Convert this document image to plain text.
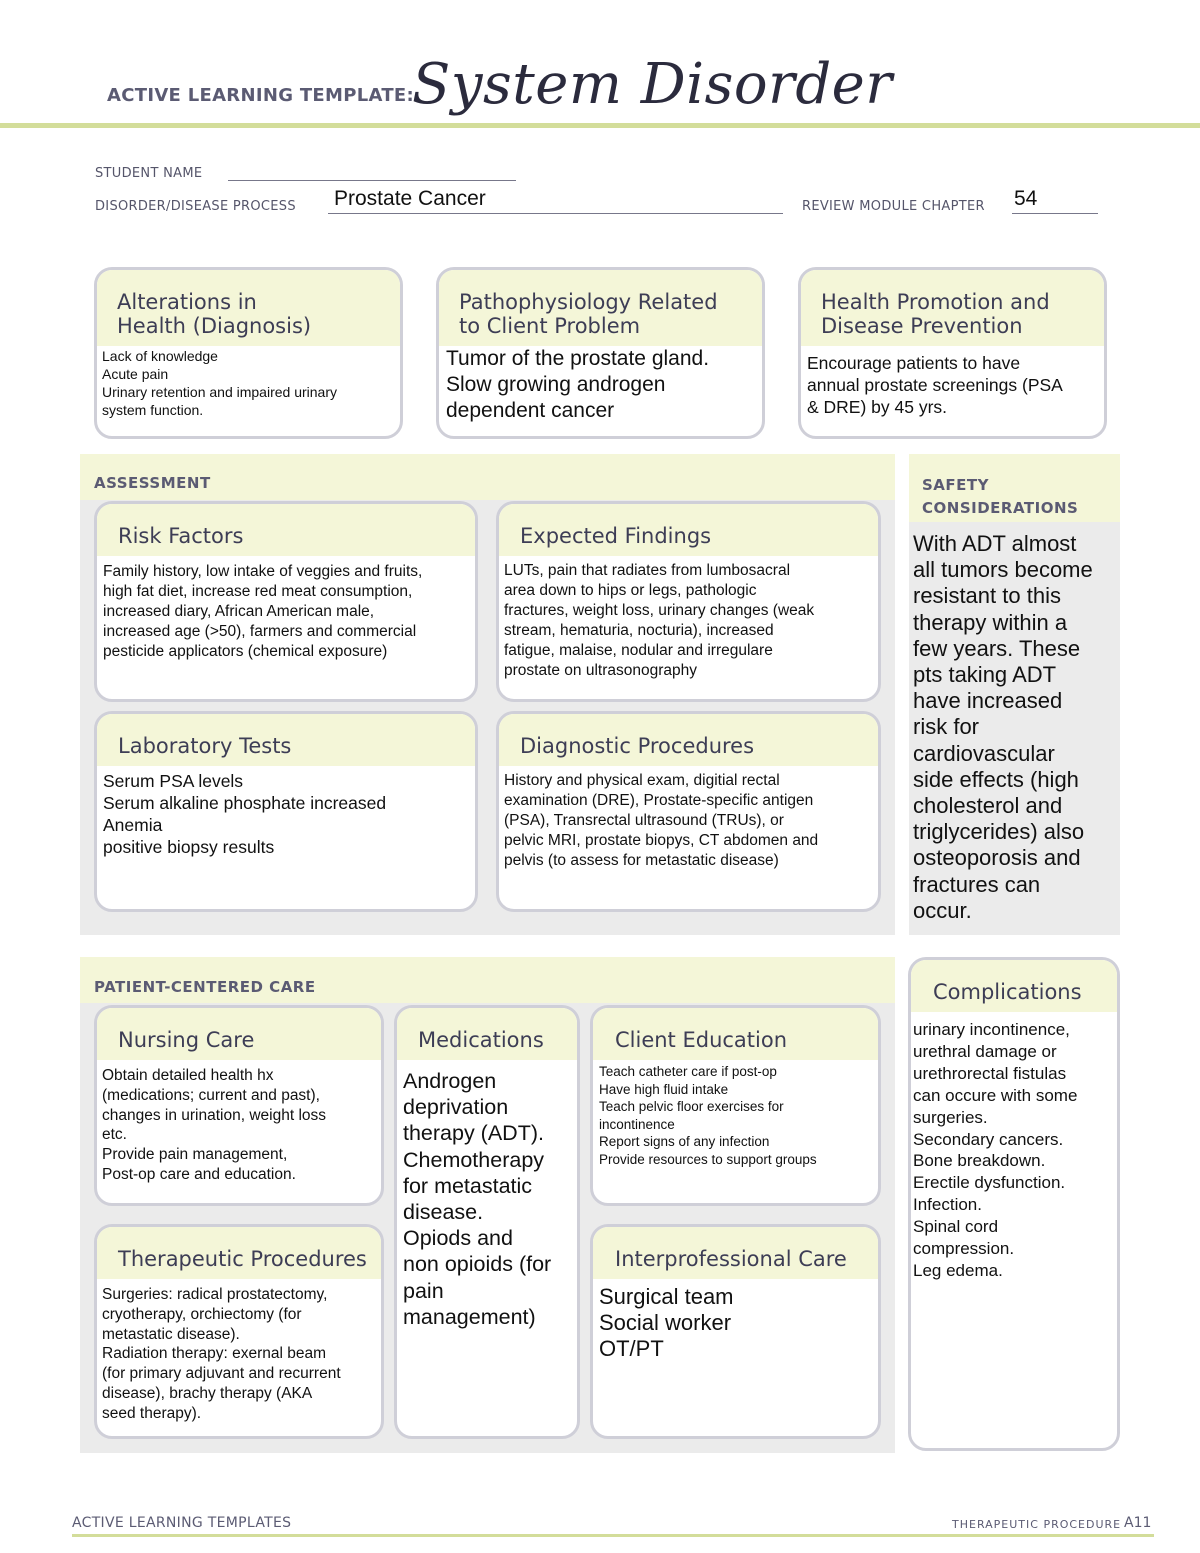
ACTIVE LEARNING TEMPLATE:
System Disorder
STUDENT NAME
DISORDER/DISEASE PROCESS Prostate Cancer	REVIEW MODULE CHAPTER 54
Alterations in
Health (Diagnosis)
Lack of knowledge
Acute pain
Urinary retention and impaired urinary
system function.
Pathophysiology Related
to Client Problem
Tumor of the prostate gland.
Slow growing androgen
dependent cancer
Health Promotion and
Disease Prevention
Encourage patients to have
annual prostate screenings (PSA
& DRE) by 45 yrs.
ASSESSMENT
Risk Factors
Family history, low intake of veggies and fruits,
high fat diet, increase red meat consumption,
increased diary, African American male,
increased age (>50), farmers and commercial
pesticide applicators (chemical exposure)
Expected Findings
LUTs, pain that radiates from lumbosacral
area down to hips or legs, pathologic
fractures, weight loss, urinary changes (weak
stream, hematuria, nocturia), increased
fatigue, malaise, nodular and irregulare
prostate on ultrasonography
Laboratory Tests
Serum PSA levels
Serum alkaline phosphate increased
Anemia
positive biopsy results
Diagnostic Procedures
History and physical exam, digitial rectal
examination (DRE), Prostate-specific antigen
(PSA), Transrectal ultrasound (TRUs), or
pelvic MRI, prostate biopys, CT abdomen and
pelvis (to assess for metastatic disease)
SAFETY
CONSIDERATIONS
With ADT almost
all tumors become
resistant to this
therapy within a
few years. These
pts taking ADT
have increased
risk for
cardiovascular
side effects (high
cholesterol and
triglycerides) also
osteoporosis and
fractures can
occur.
PATIENT-CENTERED CARE
Nursing Care
Obtain detailed health hx
(medications; current and past),
changes in urination, weight loss
etc.
Provide pain management,
Post-op care and education.
Medications
Androgen
deprivation
therapy (ADT).
Chemotherapy
for metastatic
disease.
Opiods and
non opioids (for
pain
management)
Client Education
Teach catheter care if post-op
Have high fluid intake
Teach pelvic floor exercises for
incontinence
Report signs of any infection
Provide resources to support groups
Therapeutic Procedures
Surgeries: radical prostatectomy,
cryotherapy, orchiectomy (for
metastatic disease).
Radiation therapy: exernal beam
(for primary adjuvant and recurrent
disease), brachy therapy (AKA
seed therapy).
Interprofessional Care
Surgical team
Social worker
OT/PT
Complications
urinary incontinence,
urethral damage or
urethrorectal fistulas
can occure with some
surgeries.
Secondary cancers.
Bone breakdown.
Erectile dysfunction.
Infection.
Spinal cord
compression.
Leg edema.
ACTIVE LEARNING TEMPLATES	THERAPEUTIC PROCEDURE A11
